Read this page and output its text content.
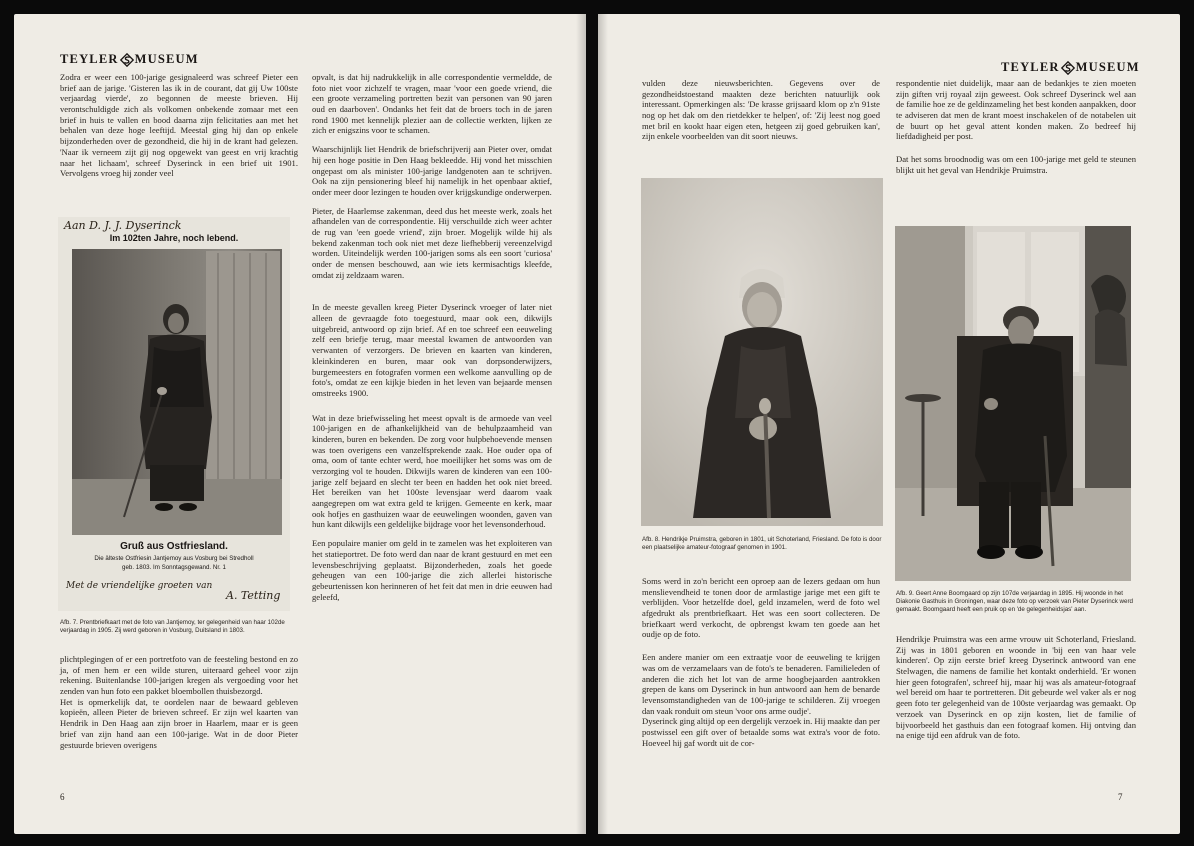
TEYLER MUSEUM

Zodra er weer een 100-jarige gesignaleerd was schreef Pieter een brief aan de jarige. 'Gisteren las ik in de courant, dat gij Uw 100ste verjaardag vierde', zo begonnen de meeste brieven. Hij verontschuldigde zich als volkomen onbekende zomaar met een brief in huis te vallen en bood daarna zijn felicitaties aan met het behalen van deze hoge leeftijd. Meestal ging hij dan op enkele bijzonderheden over de gezondheid, die hij in de krant had gelezen. 'Naar ik verneem zijt gij nog opgewekt van geest en vrij krachtig naar het lichaam', schreef Dyserinck in een brief uit 1901. Vervolgens vroeg hij zonder veel

Aan D. J. J. Dyserinck
Im 102ten Jahre, noch lebend.
Gruß aus Ostfriesland.
Die älteste Ostfriesin Jantjemoy aus Vosburg bei Stredholl
geb. 1803. Im Sonntagsgewand. Nr. 1
Met de vriendelijke groeten van
A. Tetting
Afb. 7. Prentbriefkaart met de foto van Jantjemoy, ter gelegenheid van haar 102de verjaardag in 1905. Zij werd geboren in Vosburg, Duitsland in 1803.

plichtplegingen of er een portretfoto van de feesteling bestond en zo ja, of men hem er een wilde sturen, uiteraard geheel voor zijn rekening. Buitenlandse 100-jarigen kregen als vergoeding voor het zenden van hun foto een pakket bloembollen thuisbezorgd.

Het is opmerkelijk dat, te oordelen naar de bewaard gebleven kopieën, alleen Pieter de brieven schreef. Er zijn wel kaarten van Hendrik in Den Haag aan zijn broer in Haarlem, maar er is geen brief van zijn hand aan een 100-jarige. Wat in de door Pieter gestuurde brieven overigens

opvalt, is dat hij nadrukkelijk in alle correspondentie vermeldde, de foto niet voor zichzelf te vragen, maar 'voor een goede vriend, die een groote verzameling portretten bezit van personen van 90 jaren oud en daarboven'. Ondanks het feit dat de broers toch in de jaren rond 1900 met kennelijk plezier aan de collectie werkten, lijken ze zich er enigszins voor te schamen.

Waarschijnlijk liet Hendrik de briefschrijverij aan Pieter over, omdat hij een hoge positie in Den Haag bekleedde. Hij vond het misschien ongepast om als minister 100-jarige landgenoten aan te schrijven. Ook na zijn pensionering bleef hij namelijk in het openbaar aktief, onder meer door lezingen te houden over krijgskundige onderwerpen.

Pieter, de Haarlemse zakenman, deed dus het meeste werk, zoals het afhandelen van de correspondentie. Hij verschuilde zich weer achter de rug van 'een goede vriend', zijn broer. Mogelijk wilde hij als bekend zakenman toch ook niet met deze liefhebberij vereenzelvigd worden. Uiteindelijk werden 100-jarigen soms als een soort 'curiosa' onder de mensen beschouwd, aan wie iets kermisachtigs kleefde, omdat zij zeldzaam waren.

In de meeste gevallen kreeg Pieter Dyserinck vroeger of later niet alleen de gevraagde foto toegestuurd, maar ook een, dikwijls uitgebreid, antwoord op zijn brief. Af en toe schreef een eeuweling zelf een briefje terug, maar meestal kwamen de antwoorden van verwanten of verzorgers. De brieven en kaarten van kinderen, kleinkinderen en buren, maar ook van dorpsonderwijzers, burgemeesters en fotografen vormen een welkome aanvulling op de foto's, omdat ze een kijkje bieden in het leven van bejaarde mensen omstreeks 1900.

Wat in deze briefwisseling het meest opvalt is de armoede van veel 100-jarigen en de afhankelijkheid van de behulpzaamheid van kinderen, buren en bekenden. De zorg voor hulpbehoevende mensen was toen overigens een vanzelfsprekende zaak. Hoe ouder opa of oma, oom of tante echter werd, hoe moeilijker het soms was om de verzorging vol te houden. Dikwijls waren de kinderen van een 100-jarige zelf bejaard en slecht ter been en hadden het ook niet breed. Het bereiken van het 100ste levensjaar werd daarom vaak aangegrepen om wat extra geld te krijgen. Gemeente en kerk, maar ook hofjes en gasthuizen waar de eeuwelingen woonden, gaven van hun kant dikwijls een geldelijke bijdrage voor het levensonderhoud.

Een populaire manier om geld in te zamelen was het exploiteren van het statieportret. De foto werd dan naar de krant gestuurd en met een levensbeschrijving geplaatst. Bijzonderheden, zoals het goede geheugen van een 100-jarige die zich allerlei historische gebeurtenissen kon herinneren of het feit dat men in drie eeuwen had geleefd,

6
TEYLER MUSEUM

vulden deze nieuwsberichten. Gegevens over de gezondheidstoestand maakten deze berichten natuurlijk ook interessant. Opmerkingen als: 'De krasse grijsaard klom op z'n 91ste nog op het dak om den rietdekker te helpen', of: 'Zij leest nog goed met bril en kookt haar eigen eten, hetgeen zij goed gebruiken kan', zijn enkele voorbeelden van dit soort nieuws.

Afb. 8. Hendrikje Pruimstra, geboren in 1801, uit Schoterland, Friesland. De foto is door een plaatselijke amateur-fotograaf genomen in 1901.

Soms werd in zo'n bericht een oproep aan de lezers gedaan om hun menslievendheid te tonen door de armlastige jarige met een gift te verblijden. Voor hetzelfde doel, geld inzamelen, werd de foto wel afgedrukt als prentbriefkaart. Het was een soort collecteren. De briefkaart werd verkocht, de opbrengst kwam ten goede aan het oudje op de foto.

Een andere manier om een extraatje voor de eeuweling te krijgen was om de verzamelaars van de foto's te benaderen. Familieleden of anderen die zich het lot van de arme hoogbejaarden aantrokken grepen de kans om Dyserinck in hun antwoord aan hem de benarde levensomstandigheden van de 100-jarige te schilderen. Zij vroegen dan vaak ronduit om steun 'voor ons arme oudje'.

Dyserinck ging altijd op een dergelijk verzoek in. Hij maakte dan per postwissel een gift over of betaalde soms wat extra's voor de foto. Hoeveel hij gaf wordt uit de cor-

respondentie niet duidelijk, maar aan de bedankjes te zien moeten zijn giften vrij royaal zijn geweest. Ook schreef Dyserinck wel aan de familie hoe ze de geldinzameling het best konden aanpakken, door te adviseren dat men de krant moest inschakelen of de notabelen uit de buurt op het geval attent konden maken. Zo bedreef hij liefdadigheid per post.

Dat het soms broodnodig was om een 100-jarige met geld te steunen blijkt uit het geval van Hendrikje Pruimstra.

Afb. 9. Geert Anne Boomgaard op zijn 107de verjaardag in 1895. Hij woonde in het Diakonie Gasthuis in Groningen, waar deze foto op verzoek van Pieter Dyserinck werd gemaakt. Boomgaard heeft een pruik op en 'de gelegenheidsjas' aan.

Hendrikje Pruimstra was een arme vrouw uit Schoterland, Friesland. Zij was in 1801 geboren en woonde in 'bij een van haar vele kinderen'. Op zijn eerste brief kreeg Dyserinck antwoord van ene Stelwagen, die namens de familie het kontakt onderhield. 'Er wonen hier geen fotografen', schreef hij, maar hij was als amateur-fotograaf wel bereid om haar te portretteren. Dit gebeurde wel vaker als er nog geen foto ter gelegenheid van de 100ste verjaardag was gemaakt. Op verzoek van Dyserinck en op zijn kosten, liet de familie of bijvoorbeeld het gasthuis dan een fotograaf komen. Hij ontving dan na enige tijd een afdruk van de foto.

7
